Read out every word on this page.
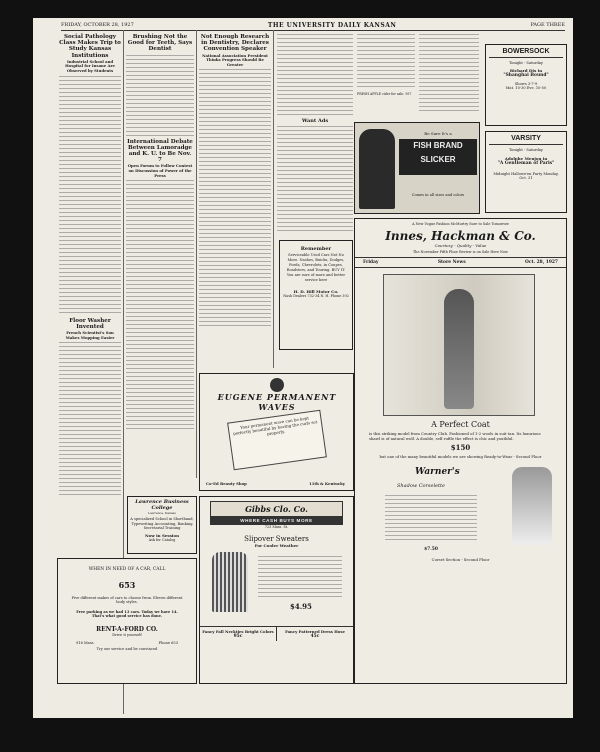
FRIDAY, OCTOBER 28, 1927	THE UNIVERSITY DAILY KANSAN	PAGE THREE
Social Pathology Class Makes Trip to Study Kansas Institutions
Industrial School and Hospital for Insane Are Observed by Students
Floor Washer Invented
French Scientist's Son Makes Mopping Easier
Brushing Not the Good for Teeth, Says Dentist
International Debate Between Lamoradge and K. U. to Be Nov. 7
Open Forum to Follow Contest on Discussion of Power of the Press
Not Enough Research in Dentistry, Declares Convention Speaker
National Association President Thinks Progress Should Be Greater
Want Ads
Remember
Serviceable Used Cars Not No More. Nashes, Buicks, Dodges, Fords, Chevrolets, in Coupes, Roadsters, and Touring. BUY IT. You are sure of more and better service here
H. D. Hill Motor Co.
Nash Dealers 732-34 N. H. Phone 392
FRESH APPLE cider for sale. 957
Be Sure It's a
FISH BRAND SLICKER
Comes in all sizes and colors
BOWERSOCK
Tonight - Saturday
Richard Dix in
"Shanghai Bound"
Shows 3-7-9
Mat. 10-30 Eve. 10-50
VARSITY
Tonight - Saturday
Adolphe Menjou in
"A Gentleman of Paris"
Midnight Hallowe'en Party Monday, Oct. 31
A New Vogue Fashion McMurtry Sure to Sale Tomorrow
Innes, Hackman & Co.
Courtesy - Quality - Value
The November Fifth Floor Review is on Sale Here Now
Friday	Store News	Oct. 28, 1927
A Perfect Coat
is this striking model from Country Club. Fashioned of 1-2 wools in suit tan. Its luxurious shawl is of natural wolf. A double, self ruffle the effect is chic and youthful.
$150
but one of the many beautiful models we are showing Ready-to-Wear - Second Floor
Warner's
Shadow Corselette
$7.50
Corset Section - Second Floor
EUGENE PERMANENT WAVES
Your permanent wave can be kept perfectly beautiful by having the curls set properly.
Co-Ed Beauty Shop	11th & Kentucky
Lawrence Business College
Lawrence, Kansas
A specialized School in Shorthand, Typewriting Accounting, Banking Secretarial Training
Now in Session
Ask for Catalog
WHEN IN NEED OF A CAR, CALL
653
Five different makes of cars to choose from. Eleven different body styles.
Free parking as we had 13 cars. Today we have 14. That's what good service has done.
RENT-A-FORD CO.
Drive it yourself
916 Mass.	Phone 653
Try our service and be convinced
Gibbs Clo. Co.
WHERE CASH BUYS MORE
723 Mass. St.
Slipover Sweaters
For Cooler Weather
$4.95
Fancy Fall Neckties Bright Colors
95c
Fancy Patterned Dress Hose
45c
